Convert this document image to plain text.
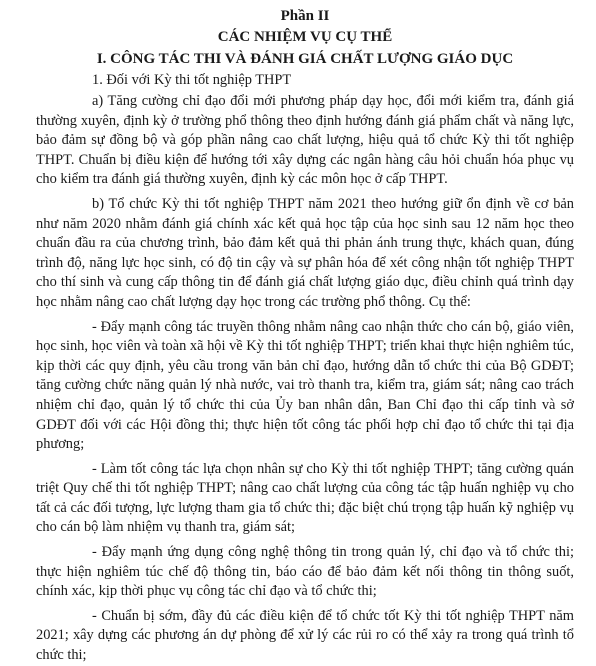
Phần II

CÁC NHIỆM VỤ CỤ THỂ

I. CÔNG TÁC THI VÀ ĐÁNH GIÁ CHẤT LƯỢNG GIÁO DỤC

1. Đối với Kỳ thi tốt nghiệp THPT

a) Tăng cường chỉ đạo đổi mới phương pháp dạy học, đổi mới kiểm tra, đánh giá thường xuyên, định kỳ ở trường phổ thông theo định hướng đánh giá phẩm chất và năng lực, bảo đảm sự đồng bộ và góp phần nâng cao chất lượng, hiệu quả tổ chức Kỳ thi tốt nghiệp THPT. Chuẩn bị điều kiện để hướng tới xây dựng các ngân hàng câu hỏi chuẩn hóa phục vụ cho kiểm tra đánh giá thường xuyên, định kỳ các môn học ở cấp THPT.

b) Tổ chức Kỳ thi tốt nghiệp THPT năm 2021 theo hướng giữ ổn định về cơ bản như năm 2020 nhằm đánh giá chính xác kết quả học tập của học sinh sau 12 năm học theo chuẩn đầu ra của chương trình, bảo đảm kết quả thi phản ánh trung thực, khách quan, đúng trình độ, năng lực học sinh, có độ tin cậy và sự phân hóa để xét công nhận tốt nghiệp THPT cho thí sinh và cung cấp thông tin để đánh giá chất lượng giáo dục, điều chỉnh quá trình dạy học nhằm nâng cao chất lượng dạy học trong các trường phổ thông. Cụ thể:

- Đẩy mạnh công tác truyền thông nhằm nâng cao nhận thức cho cán bộ, giáo viên, học sinh, học viên và toàn xã hội về Kỳ thi tốt nghiệp THPT; triển khai thực hiện nghiêm túc, kịp thời các quy định, yêu cầu trong văn bản chỉ đạo, hướng dẫn tổ chức thi của Bộ GDĐT; tăng cường chức năng quản lý nhà nước, vai trò thanh tra, kiểm tra, giám sát; nâng cao trách nhiệm chỉ đạo, quản lý tổ chức thi của Ủy ban nhân dân, Ban Chỉ đạo thi cấp tỉnh và sở GDĐT đối với các Hội đồng thi; thực hiện tốt công tác phối hợp chỉ đạo tổ chức thi tại địa phương;

- Làm tốt công tác lựa chọn nhân sự cho Kỳ thi tốt nghiệp THPT; tăng cường quán triệt Quy chế thi tốt nghiệp THPT; nâng cao chất lượng của công tác tập huấn nghiệp vụ cho tất cả các đối tượng, lực lượng tham gia tổ chức thi; đặc biệt chú trọng tập huấn kỹ nghiệp vụ cho cán bộ làm nhiệm vụ thanh tra, giám sát;

- Đẩy mạnh ứng dụng công nghệ thông tin trong quản lý, chỉ đạo và tổ chức thi; thực hiện nghiêm túc chế độ thông tin, báo cáo để bảo đảm kết nối thông tin thông suốt, chính xác, kịp thời phục vụ công tác chỉ đạo và tổ chức thi;

- Chuẩn bị sớm, đầy đủ các điều kiện để tổ chức tốt Kỳ thi tốt nghiệp THPT năm 2021; xây dựng các phương án dự phòng để xử lý các rủi ro có thể xảy ra trong quá trình tổ chức thi;
